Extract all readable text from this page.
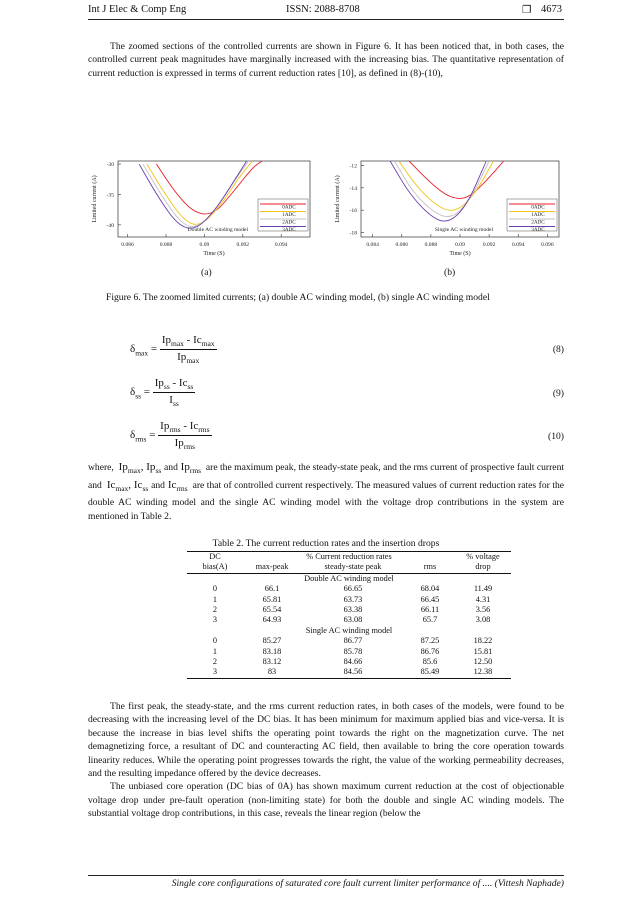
Int J Elec & Comp Eng	ISSN: 2088-8708	❐ 4673

The zoomed sections of the controlled currents are shown in Figure 6. It has been noticed that, in both cases, the controlled current peak magnitudes have marginally increased with the increasing bias. The quantitative representation of current reduction is expressed in terms of current reduction rates [10], as defined in (8)-(10),

0.086	0.088	0.09	0.092	0.094
-30
-35
-40
0ADC
1ADC
2ADC
3ADC
Double AC winding model
Time (S)
Limited current (A)
0.084	0.086	0.088	0.09	0.092	0.094	0.096
-12
-14
-16
-18
0ADC
1ADC
2ADC
3ADC
Single AC winding model
Time (S)
Limited current (A)
(a)	(b)
Figure 6. The zoomed limited currents; (a) double AC winding model, (b) single AC winding model
$\delta_{max} = \frac{Ip_{max} - Ic_{max}}{Ip_{max}}$	(8)
$\delta_{ss} = \frac{Ip_{ss} - Ic_{ss}}{I_{ss}}$	(9)
$\delta_{rms} = \frac{Ip_{rms} - Ic_{rms}}{Ip_{rms}}$	(10)
where, $Ip_{max}$, $Ip_{ss}$ and $Ip_{rms}$ are the maximum peak, the steady-state peak, and the rms current of prospective fault current and $Ic_{max}$, $Ic_{ss}$ and $Ic_{rms}$ are that of controlled current respectively. The measured values of current reduction rates for the double AC winding model and the single AC winding model with the voltage drop contributions in the system are mentioned in Table 2.
Table 2. The current reduction rates and the insertion drops
DC	% Current reduction rates			% voltage
bias(A)	max-peak	steady-state peak	rms	drop
	Double AC winding model			
0	66.1	66.65	68.04	11.49
1	65.81	63.73	66.45	4.31
2	65.54	63.38	66.11	3.56
3	64.93	63.08	65.7	3.08
	Single AC winding model			
0	85.27	86.77	87.25	18.22
1	83.18	85.78	86.76	15.81
2	83.12	84.66	85.6	12.50
3	83	84.56	85.49	12.38

The first peak, the steady-state, and the rms current reduction rates, in both cases of the models, were found to be decreasing with the increasing level of the DC bias. It has been minimum for maximum applied bias and vice-versa. It is because the increase in bias level shifts the operating point towards the right on the magnetization curve. The net demagnetizing force, a resultant of DC and counteracting AC field, then available to bring the core operation towards linearity reduces. While the operating point progresses towards the right, the value of the working permeability decreases, and the resulting impedance offered by the device decreases.

The unbiased core operation (DC bias of 0A) has shown maximum current reduction at the cost of objectionable voltage drop under pre-fault operation (non-limiting state) for both the double and single AC winding models. The substantial voltage drop contributions, in this case, reveals the linear region (below the

Single core configurations of saturated core fault current limiter performance of .... (Vittesh Naphade)
